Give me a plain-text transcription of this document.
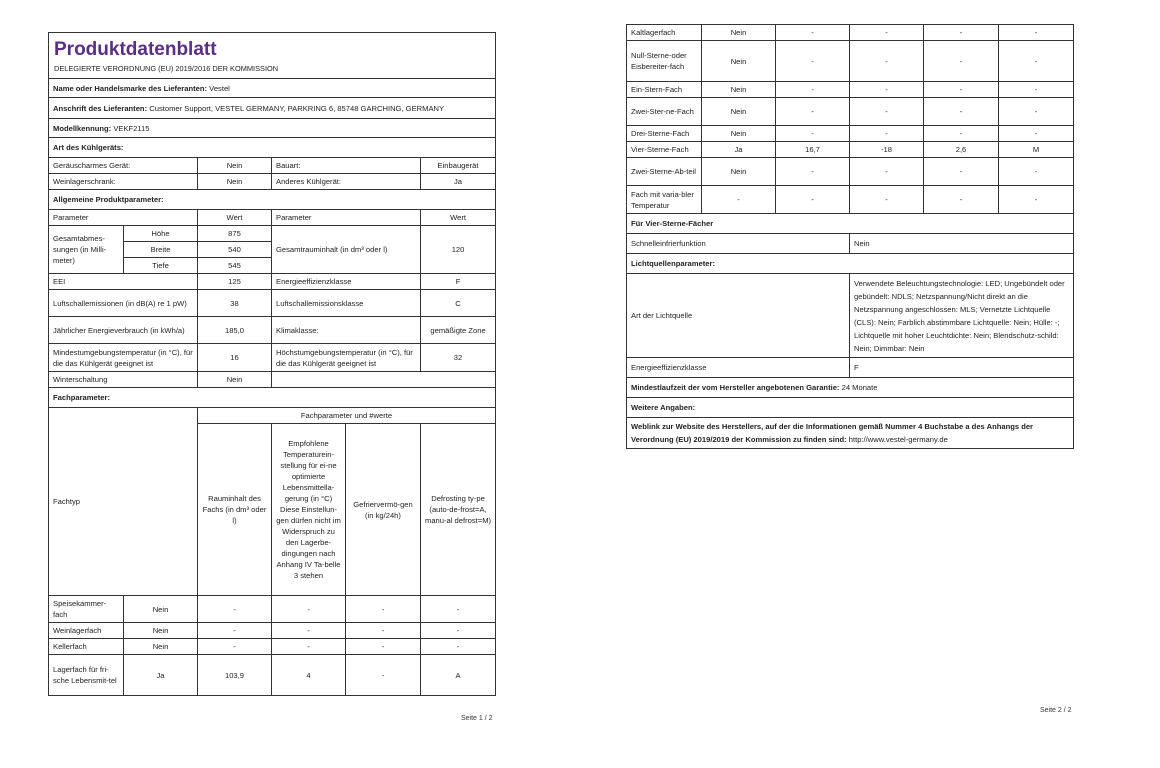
Produktdatenblatt
DELEGIERTE VERORDNUNG (EU) 2019/2016 DER KOMMISSION					

Name oder Handelsmarke des Lieferanten: Vestel					
Anschrift des Lieferanten: Customer Support, VESTEL GERMANY, PARKRING 6, 85748 GARCHING, GERMANY					
Modellkennung: VEKF2115					
Art des Kühlgeräts:					
Geräuscharmes Gerät:		Nein	Bauart:		Einbaugerät
Weinlagerschrank:		Nein	Anderes Kühlgerät:		Ja
Allgemeine Produktparameter:					
Parameter		Wert	Parameter		Wert
Gesamtabmes-sungen (in Milli-meter)	Höhe	875	Gesamtrauminhalt (in dm³ oder l)		120
	Breite	540			
	Tiefe	545			
EEI		125	Energieeffizienzklasse		F
Luftschallemissionen (in dB(A) re 1 pW)		38	Luftschallemissionsklasse		C
Jährlicher Energieverbrauch (in kWh/a)		185,0	Klimaklasse:		gemäßigte Zone
Mindestumgebungstemperatur (in °C), für die das Kühlgerät geeignet ist		16	Höchstumgebungstemperatur (in °C), für die das Kühlgerät geeignet ist		32
Winterschaltung		Nein			
Fachparameter:					
Fachtyp		Fachparameter und #werte			
		Rauminhalt des Fachs (in dm³ oder l)	Empfohlene Temperaturein-stellung für ei-ne optimierte Lebensmittella-gerung (in °C) Diese Einstellun-gen dürfen nicht im Widerspruch zu den Lagerbe-dingungen nach Anhang IV Ta-belle 3 stehen	Gefriervermö-gen (in kg/24h)	Defrosting ty-pe (auto-de-frost=A, manu-al defrost=M)
Speisekammer-fach	Nein	-	-	-	-
Weinlagerfach	Nein	-	-	-	-
Kellerfach	Nein	-	-	-	-
Lagerfach für fri-sche Lebensmit-tel	Ja	103,9	4	-	A
Seite 1 / 2
Kaltlagerfach	Nein	-	-	-	-
Null-Sterne-oder Eisbereiter-fach	Nein	-	-	-	-
Ein-Stern-Fach	Nein	-	-	-	-
Zwei-Ster-ne-Fach	Nein	-	-	-	-
Drei-Sterne-Fach	Nein	-	-	-	-
Vier-Sterne-Fach	Ja	16,7	-18	2,6	M
Zwei-Sterne-Ab-teil	Nein	-	-	-	-
Fach mit varia-bler Temperatur	-	-	-	-	-
Für Vier-Sterne-Fächer					
Schnelleinfrierfunktion			Nein		
Lichtquellenparameter:					
Art der Lichtquelle			Verwendete Beleuchtungstechnologie: LED; Ungebündelt oder gebündelt: NDLS; Netzspannung/Nicht direkt an die Netzspannung angeschlossen: MLS; Vernetzte Lichtquelle (CLS): Nein; Farblich abstimmbare Lichtquelle: Nein; Hülle: -; Lichtquelle mit hoher Leuchtdichte: Nein; Blendschutz-schild: Nein; Dimmbar: Nein		
Energieeffizienzklasse			F		
Mindestlaufzeit der vom Hersteller angebotenen Garantie: 24 Monate					
Weitere Angaben:					
Weblink zur Website des Herstellers, auf der die Informationen gemäß Nummer 4 Buchstabe a des Anhangs der Verordnung (EU) 2019/2019 der Kommission zu finden sind: http://www.vestel-germany.de					
Seite 2 / 2
